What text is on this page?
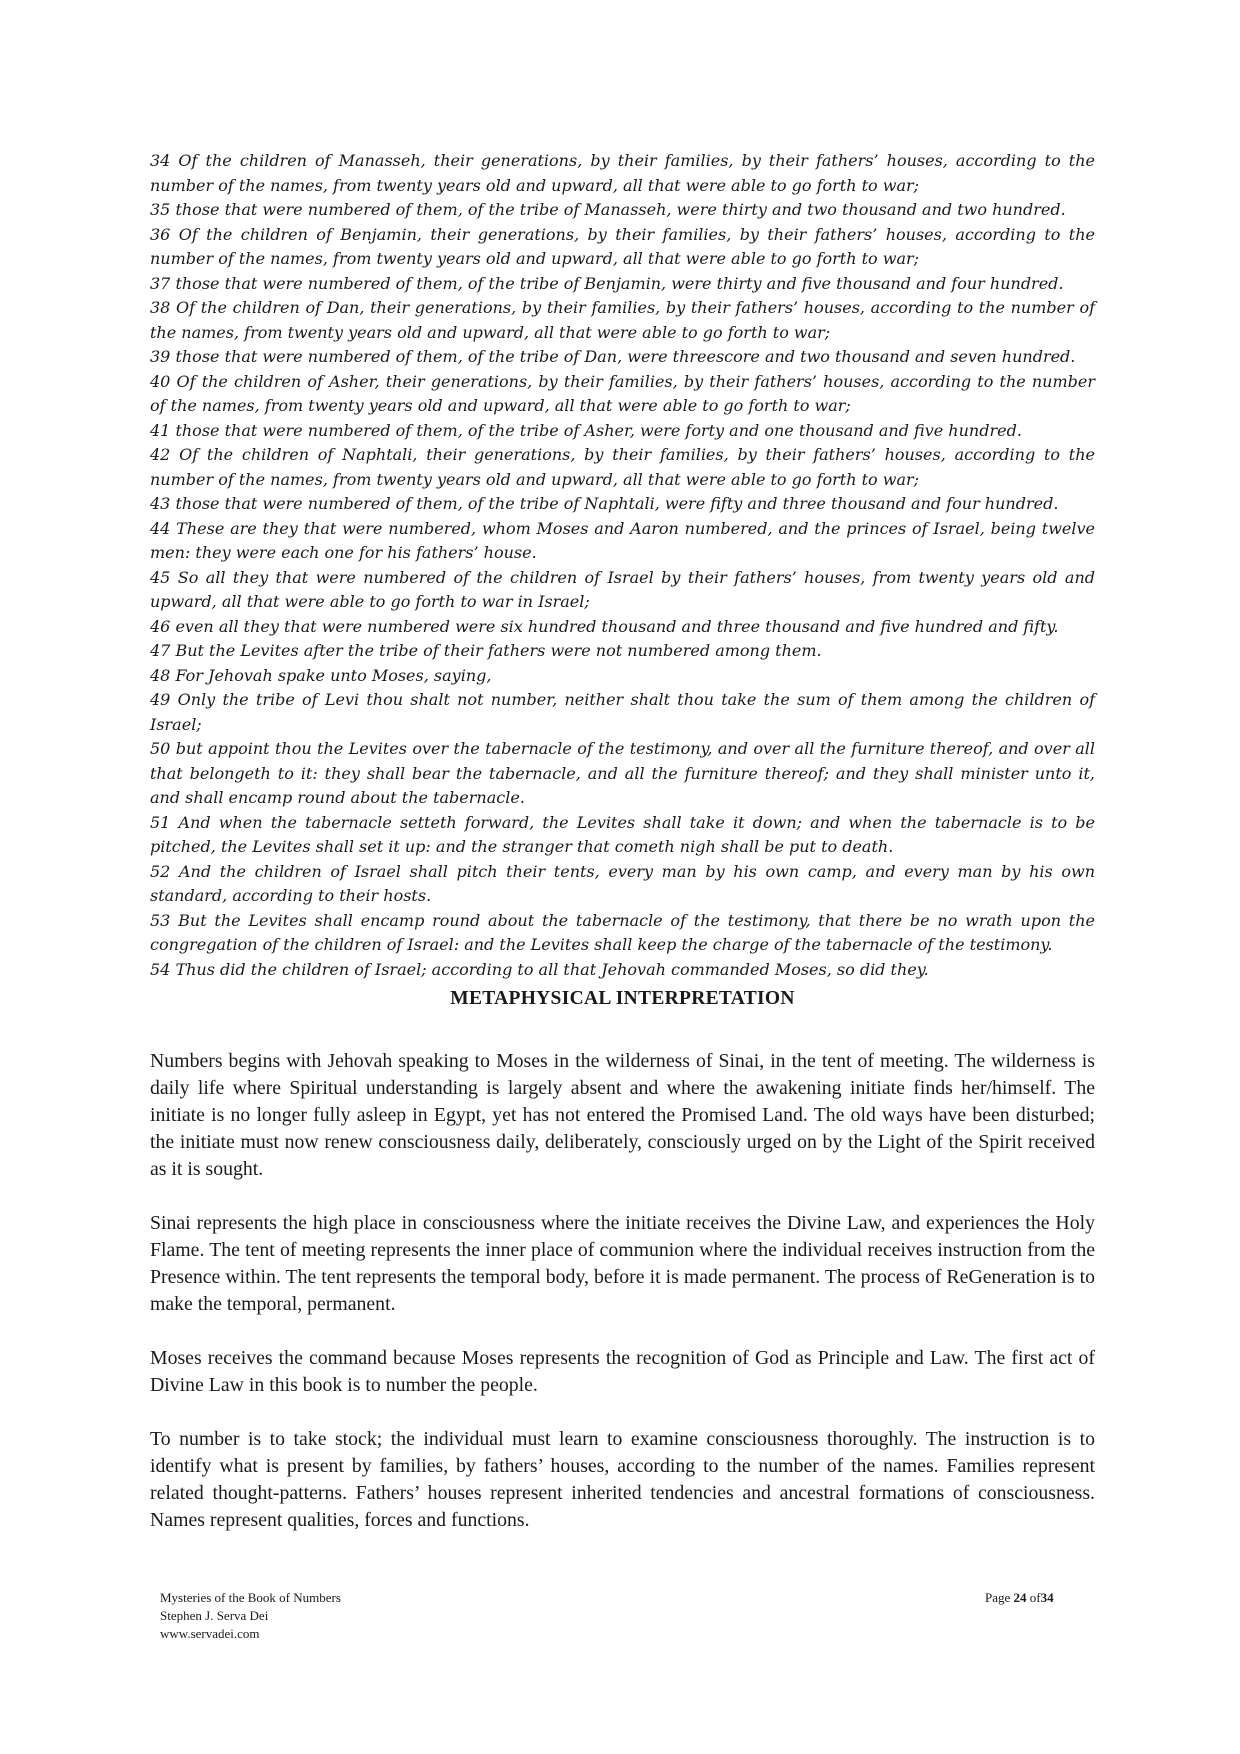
34 Of the children of Manasseh, their generations, by their families, by their fathers’ houses, according to the number of the names, from twenty years old and upward, all that were able to go forth to war;

35 those that were numbered of them, of the tribe of Manasseh, were thirty and two thousand and two hundred.

36 Of the children of Benjamin, their generations, by their families, by their fathers’ houses, according to the number of the names, from twenty years old and upward, all that were able to go forth to war;

37 those that were numbered of them, of the tribe of Benjamin, were thirty and five thousand and four hundred.

38 Of the children of Dan, their generations, by their families, by their fathers’ houses, according to the number of the names, from twenty years old and upward, all that were able to go forth to war;

39 those that were numbered of them, of the tribe of Dan, were threescore and two thousand and seven hundred.

40 Of the children of Asher, their generations, by their families, by their fathers’ houses, according to the number of the names, from twenty years old and upward, all that were able to go forth to war;

41 those that were numbered of them, of the tribe of Asher, were forty and one thousand and five hundred.

42 Of the children of Naphtali, their generations, by their families, by their fathers’ houses, according to the number of the names, from twenty years old and upward, all that were able to go forth to war;

43 those that were numbered of them, of the tribe of Naphtali, were fifty and three thousand and four hundred.

44 These are they that were numbered, whom Moses and Aaron numbered, and the princes of Israel, being twelve men: they were each one for his fathers’ house.

45 So all they that were numbered of the children of Israel by their fathers’ houses, from twenty years old and upward, all that were able to go forth to war in Israel;

46 even all they that were numbered were six hundred thousand and three thousand and five hundred and fifty.

47 But the Levites after the tribe of their fathers were not numbered among them.

48 For Jehovah spake unto Moses, saying,

49 Only the tribe of Levi thou shalt not number, neither shalt thou take the sum of them among the children of Israel;

50 but appoint thou the Levites over the tabernacle of the testimony, and over all the furniture thereof, and over all that belongeth to it: they shall bear the tabernacle, and all the furniture thereof; and they shall minister unto it, and shall encamp round about the tabernacle.

51 And when the tabernacle setteth forward, the Levites shall take it down; and when the tabernacle is to be pitched, the Levites shall set it up: and the stranger that cometh nigh shall be put to death.

52 And the children of Israel shall pitch their tents, every man by his own camp, and every man by his own standard, according to their hosts.

53 But the Levites shall encamp round about the tabernacle of the testimony, that there be no wrath upon the congregation of the children of Israel: and the Levites shall keep the charge of the tabernacle of the testimony.

54 Thus did the children of Israel; according to all that Jehovah commanded Moses, so did they.

METAPHYSICAL INTERPRETATION

Numbers begins with Jehovah speaking to Moses in the wilderness of Sinai, in the tent of meeting. The wilderness is daily life where Spiritual understanding is largely absent and where the awakening initiate finds her/himself. The initiate is no longer fully asleep in Egypt, yet has not entered the Promised Land. The old ways have been disturbed; the initiate must now renew consciousness daily, deliberately, consciously urged on by the Light of the Spirit received as it is sought.

Sinai represents the high place in consciousness where the initiate receives the Divine Law, and experiences the Holy Flame. The tent of meeting represents the inner place of communion where the individual receives instruction from the Presence within. The tent represents the temporal body, before it is made permanent. The process of ReGeneration is to make the temporal, permanent.

Moses receives the command because Moses represents the recognition of God as Principle and Law. The first act of Divine Law in this book is to number the people.

To number is to take stock; the individual must learn to examine consciousness thoroughly. The instruction is to identify what is present by families, by fathers’ houses, according to the number of the names. Families represent related thought-patterns. Fathers’ houses represent inherited tendencies and ancestral formations of consciousness. Names represent qualities, forces and functions.

Mysteries of the Book of Numbers
Stephen J. Serva Dei
www.servadei.com
Page 24 of34
